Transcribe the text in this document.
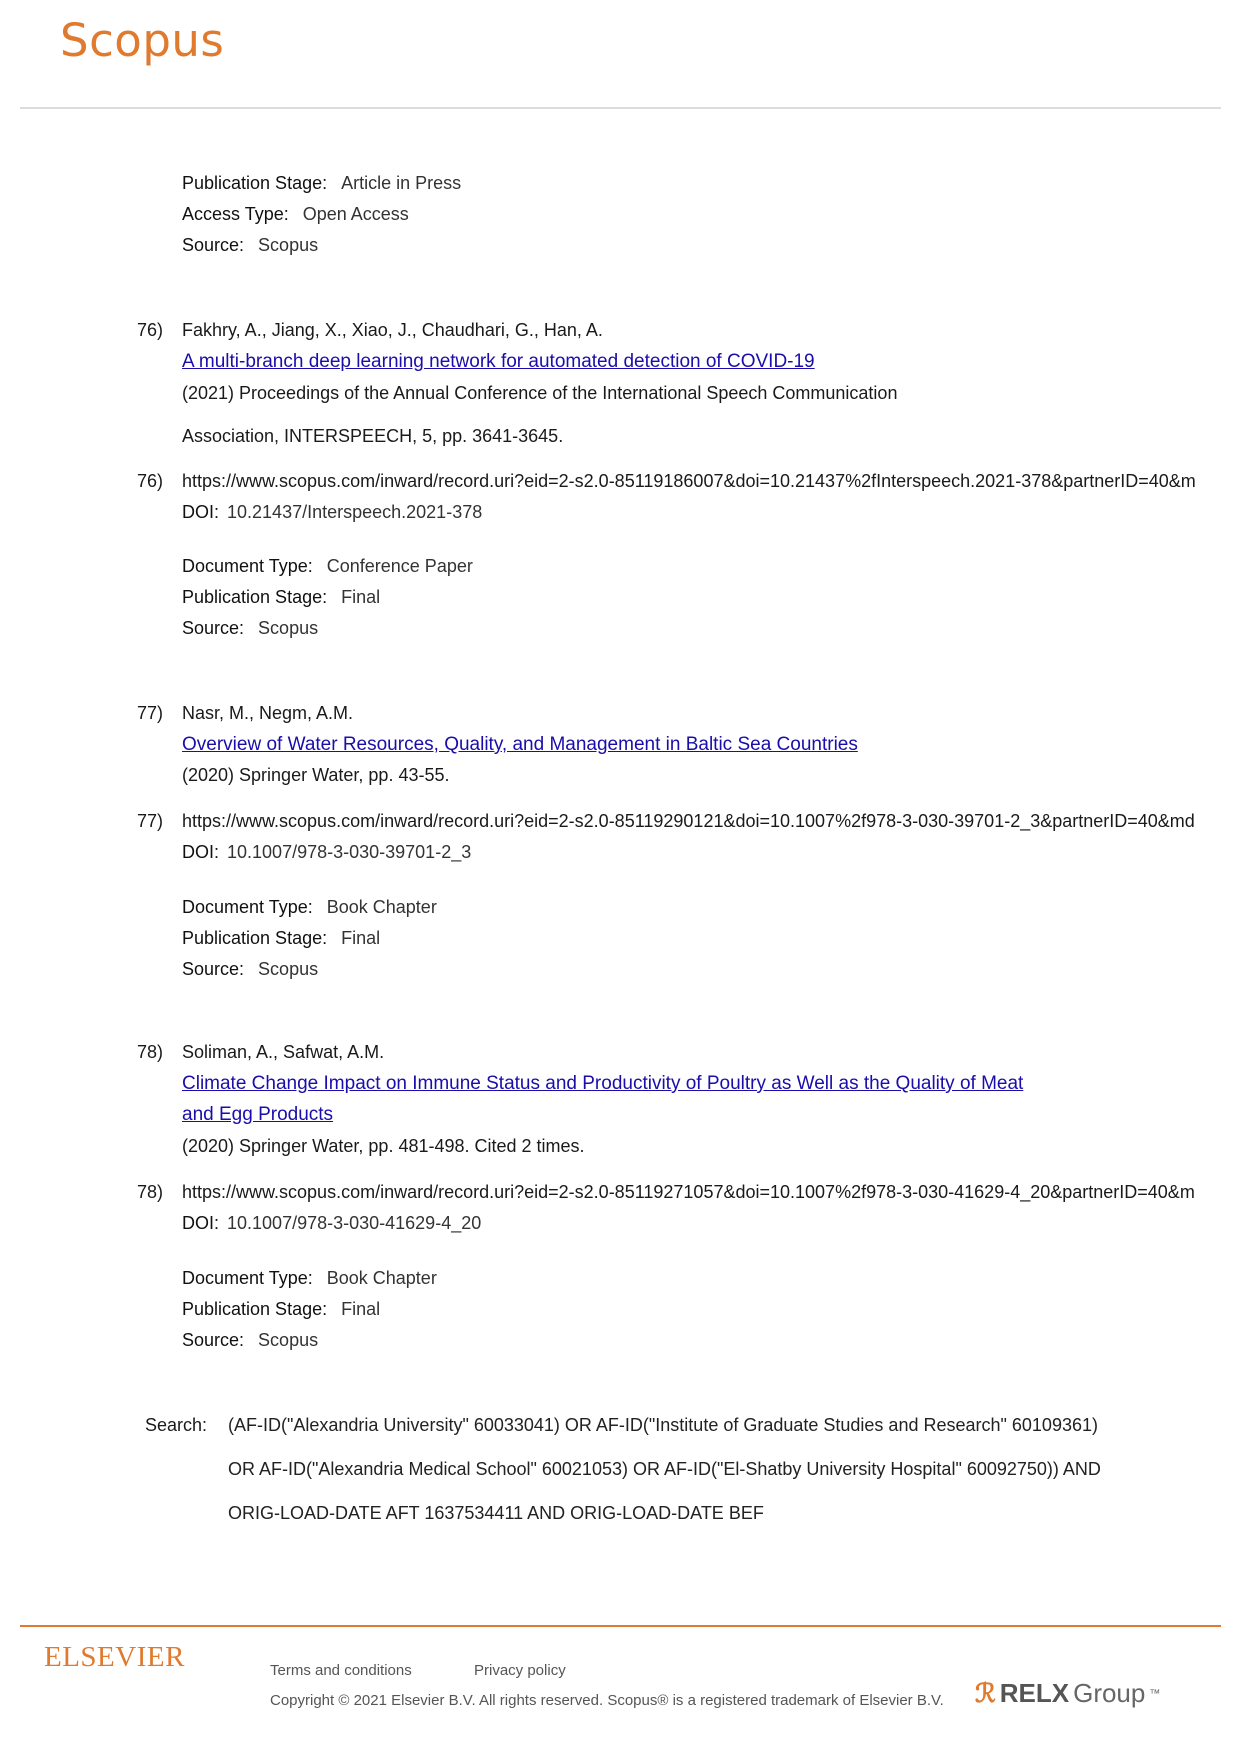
Scopus
Publication Stage: Article in Press
Access Type: Open Access
Source: Scopus
76) Fakhry, A., Jiang, X., Xiao, J., Chaudhari, G., Han, A.
A multi-branch deep learning network for automated detection of COVID-19
(2021) Proceedings of the Annual Conference of the International Speech Communication
Association, INTERSPEECH, 5, pp. 3641-3645.
76) https://www.scopus.com/inward/record.uri?eid=2-s2.0-85119186007&doi=10.21437%2fInterspeech.2021-378&partnerID=40&m
DOI: 10.21437/Interspeech.2021-378
Document Type: Conference Paper
Publication Stage: Final
Source: Scopus
77) Nasr, M., Negm, A.M.
Overview of Water Resources, Quality, and Management in Baltic Sea Countries
(2020) Springer Water, pp. 43-55.
77) https://www.scopus.com/inward/record.uri?eid=2-s2.0-85119290121&doi=10.1007%2f978-3-030-39701-2_3&partnerID=40&md
DOI: 10.1007/978-3-030-39701-2_3
Document Type: Book Chapter
Publication Stage: Final
Source: Scopus
78) Soliman, A., Safwat, A.M.
Climate Change Impact on Immune Status and Productivity of Poultry as Well as the Quality of Meat
and Egg Products
(2020) Springer Water, pp. 481-498. Cited 2 times.
78) https://www.scopus.com/inward/record.uri?eid=2-s2.0-85119271057&doi=10.1007%2f978-3-030-41629-4_20&partnerID=40&m
DOI: 10.1007/978-3-030-41629-4_20
Document Type: Book Chapter
Publication Stage: Final
Source: Scopus
Search: (AF-ID("Alexandria University" 60033041) OR AF-ID("Institute of Graduate Studies and Research" 60109361) OR AF-ID("Alexandria Medical School" 60021053) OR AF-ID("El-Shatby University Hospital" 60092750)) AND ORIG-LOAD-DATE AFT 1637534411 AND ORIG-LOAD-DATE BEF
ELSEVIER	Terms and conditions	Privacy policy
Copyright © 2021 Elsevier B.V. All rights reserved. Scopus® is a registered trademark of Elsevier B.V. ℛ RELX Group ™
